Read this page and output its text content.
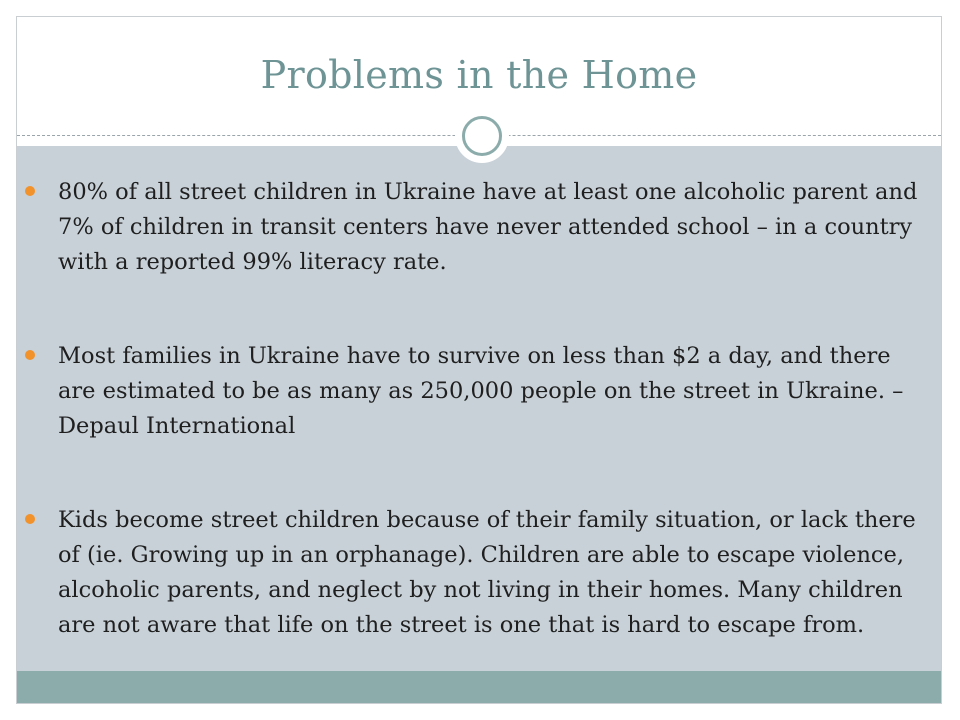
Problems in the Home
80% of all street children in Ukraine have at least one alcoholic parent and 7% of children in transit centers have never attended school – in a country with a reported 99% literacy rate.
Most families in Ukraine have to survive on less than $2 a day, and there are estimated to be as many as 250,000 people on the street in Ukraine. –Depaul International
Kids become street children because of their family situation, or lack there of (ie. Growing up in an orphanage). Children are able to escape violence, alcoholic parents, and neglect by not living in their homes. Many children are not aware that life on the street is one that is hard to escape from.
